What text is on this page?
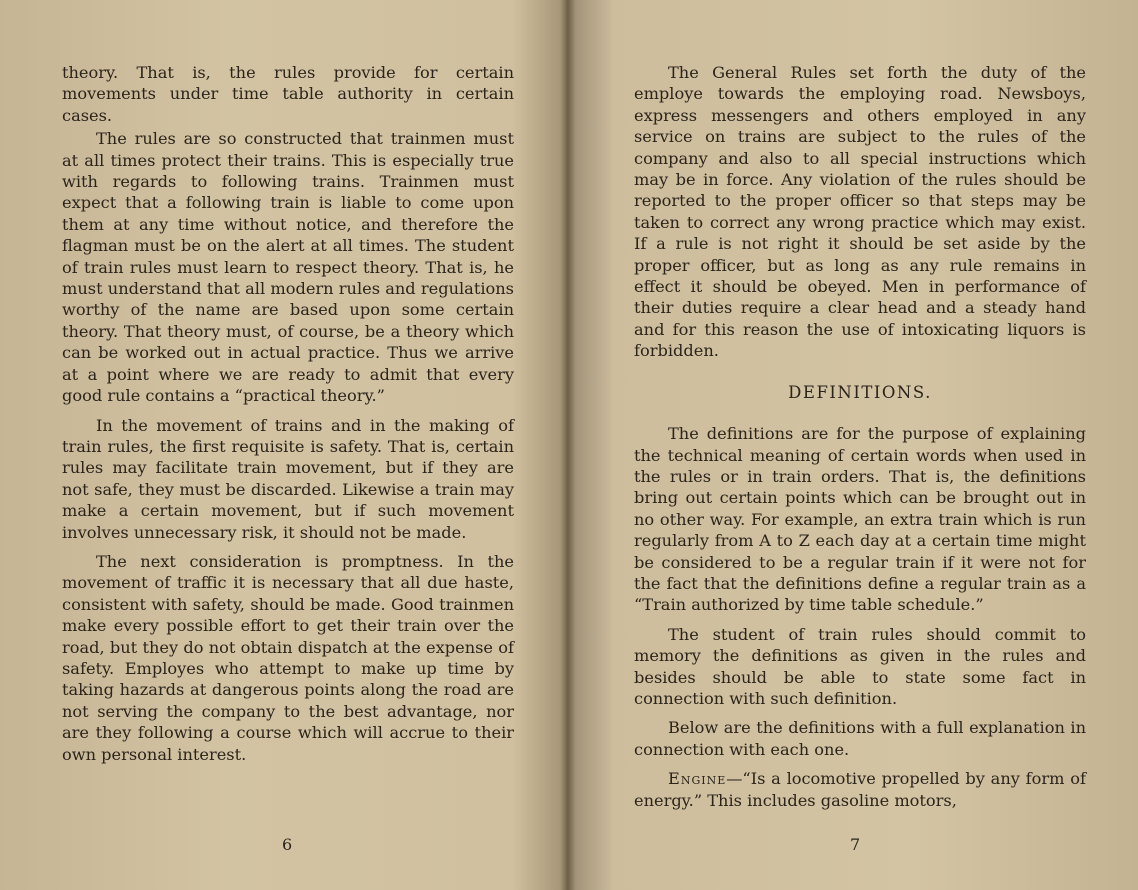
theory. That is, the rules provide for certain movements under time table authority in certain cases.

The rules are so constructed that trainmen must at all times protect their trains. This is especially true with regards to following trains. Trainmen must expect that a following train is liable to come upon them at any time without notice, and therefore the flagman must be on the alert at all times. The student of train rules must learn to respect theory. That is, he must understand that all modern rules and regulations worthy of the name are based upon some certain theory. That theory must, of course, be a theory which can be worked out in actual practice. Thus we arrive at a point where we are ready to admit that every good rule contains a “practical theory.”

In the movement of trains and in the making of train rules, the first requisite is safety. That is, certain rules may facilitate train movement, but if they are not safe, they must be discarded. Likewise a train may make a certain movement, but if such movement involves unnecessary risk, it should not be made.

The next consideration is promptness. In the movement of traffic it is necessary that all due haste, consistent with safety, should be made. Good trainmen make every possible effort to get their train over the road, but they do not obtain dispatch at the expense of safety. Employes who attempt to make up time by taking hazards at dangerous points along the road are not serving the company to the best advantage, nor are they following a course which will accrue to their own personal interest.

6

The General Rules set forth the duty of the employe towards the employing road. Newsboys, express messengers and others employed in any service on trains are subject to the rules of the company and also to all special instructions which may be in force. Any violation of the rules should be reported to the proper officer so that steps may be taken to correct any wrong practice which may exist. If a rule is not right it should be set aside by the proper officer, but as long as any rule remains in effect it should be obeyed. Men in performance of their duties require a clear head and a steady hand and for this reason the use of intoxicating liquors is forbidden.

DEFINITIONS.

The definitions are for the purpose of explaining the technical meaning of certain words when used in the rules or in train orders. That is, the definitions bring out certain points which can be brought out in no other way. For example, an extra train which is run regularly from A to Z each day at a certain time might be considered to be a regular train if it were not for the fact that the definitions define a regular train as a “Train authorized by time table schedule.”

The student of train rules should commit to memory the definitions as given in the rules and besides should be able to state some fact in connection with such definition.

Below are the definitions with a full explanation in connection with each one.

Engine—“Is a locomotive propelled by any form of energy.” This includes gasoline motors,

7
